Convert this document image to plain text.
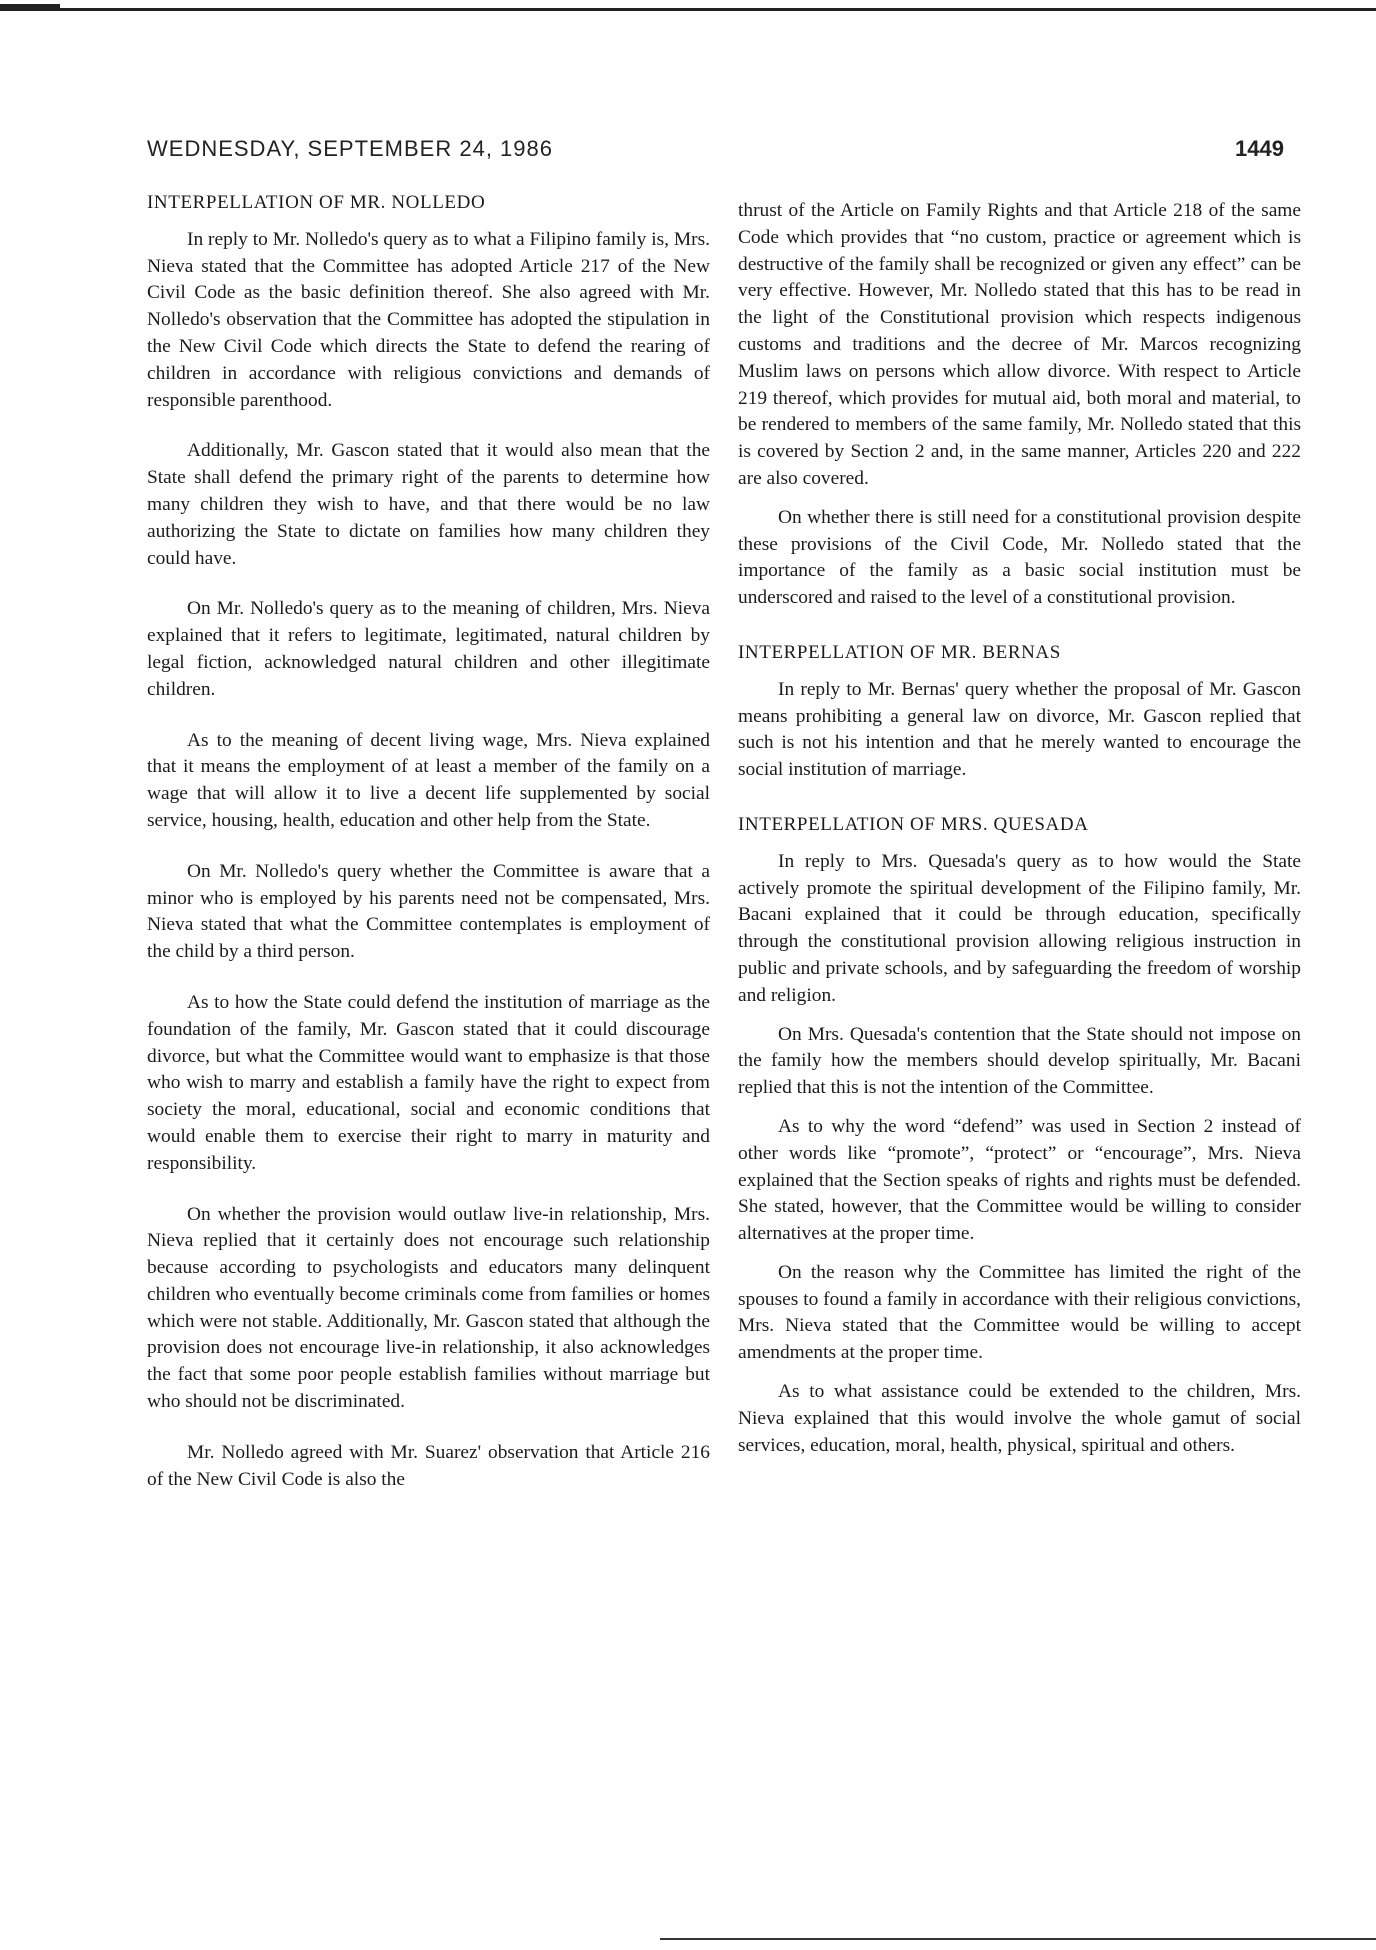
WEDNESDAY, SEPTEMBER 24, 1986	1449
INTERPELLATION OF MR. NOLLEDO

In reply to Mr. Nolledo's query as to what a Filipino family is, Mrs. Nieva stated that the Committee has adopted Article 217 of the New Civil Code as the basic definition thereof. She also agreed with Mr. Nolledo's observation that the Committee has adopted the stipulation in the New Civil Code which directs the State to defend the rearing of children in accordance with religious convictions and demands of responsible parenthood.

Additionally, Mr. Gascon stated that it would also mean that the State shall defend the primary right of the parents to determine how many children they wish to have, and that there would be no law authorizing the State to dictate on families how many children they could have.

On Mr. Nolledo's query as to the meaning of children, Mrs. Nieva explained that it refers to legitimate, legitimated, natural children by legal fiction, acknowledged natural children and other illegitimate children.

As to the meaning of decent living wage, Mrs. Nieva explained that it means the employment of at least a member of the family on a wage that will allow it to live a decent life supplemented by social service, housing, health, education and other help from the State.

On Mr. Nolledo's query whether the Committee is aware that a minor who is employed by his parents need not be compensated, Mrs. Nieva stated that what the Committee contemplates is employment of the child by a third person.

As to how the State could defend the institution of marriage as the foundation of the family, Mr. Gascon stated that it could discourage divorce, but what the Committee would want to emphasize is that those who wish to marry and establish a family have the right to expect from society the moral, educational, social and economic conditions that would enable them to exercise their right to marry in maturity and responsibility.

On whether the provision would outlaw live-in relationship, Mrs. Nieva replied that it certainly does not encourage such relationship because according to psychologists and educators many delinquent children who eventually become criminals come from families or homes which were not stable. Additionally, Mr. Gascon stated that although the provision does not encourage live-in relationship, it also acknowledges the fact that some poor people establish families without marriage but who should not be discriminated.

Mr. Nolledo agreed with Mr. Suarez' observation that Article 216 of the New Civil Code is also the

thrust of the Article on Family Rights and that Article 218 of the same Code which provides that “no custom, practice or agreement which is destructive of the family shall be recognized or given any effect” can be very effective. However, Mr. Nolledo stated that this has to be read in the light of the Constitutional provision which respects indigenous customs and traditions and the decree of Mr. Marcos recognizing Muslim laws on persons which allow divorce. With respect to Article 219 thereof, which provides for mutual aid, both moral and material, to be rendered to members of the same family, Mr. Nolledo stated that this is covered by Section 2 and, in the same manner, Articles 220 and 222 are also covered.

On whether there is still need for a constitutional provision despite these provisions of the Civil Code, Mr. Nolledo stated that the importance of the family as a basic social institution must be underscored and raised to the level of a constitutional provision.

INTERPELLATION OF MR. BERNAS

In reply to Mr. Bernas' query whether the proposal of Mr. Gascon means prohibiting a general law on divorce, Mr. Gascon replied that such is not his intention and that he merely wanted to encourage the social institution of marriage.

INTERPELLATION OF MRS. QUESADA

In reply to Mrs. Quesada's query as to how would the State actively promote the spiritual development of the Filipino family, Mr. Bacani explained that it could be through education, specifically through the constitutional provision allowing religious instruction in public and private schools, and by safeguarding the freedom of worship and religion.

On Mrs. Quesada's contention that the State should not impose on the family how the members should develop spiritually, Mr. Bacani replied that this is not the intention of the Committee.

As to why the word “defend” was used in Section 2 instead of other words like “promote”, “protect” or “encourage”, Mrs. Nieva explained that the Section speaks of rights and rights must be defended. She stated, however, that the Committee would be willing to consider alternatives at the proper time.

On the reason why the Committee has limited the right of the spouses to found a family in accordance with their religious convictions, Mrs. Nieva stated that the Committee would be willing to accept amendments at the proper time.

As to what assistance could be extended to the children, Mrs. Nieva explained that this would involve the whole gamut of social services, education, moral, health, physical, spiritual and others.
